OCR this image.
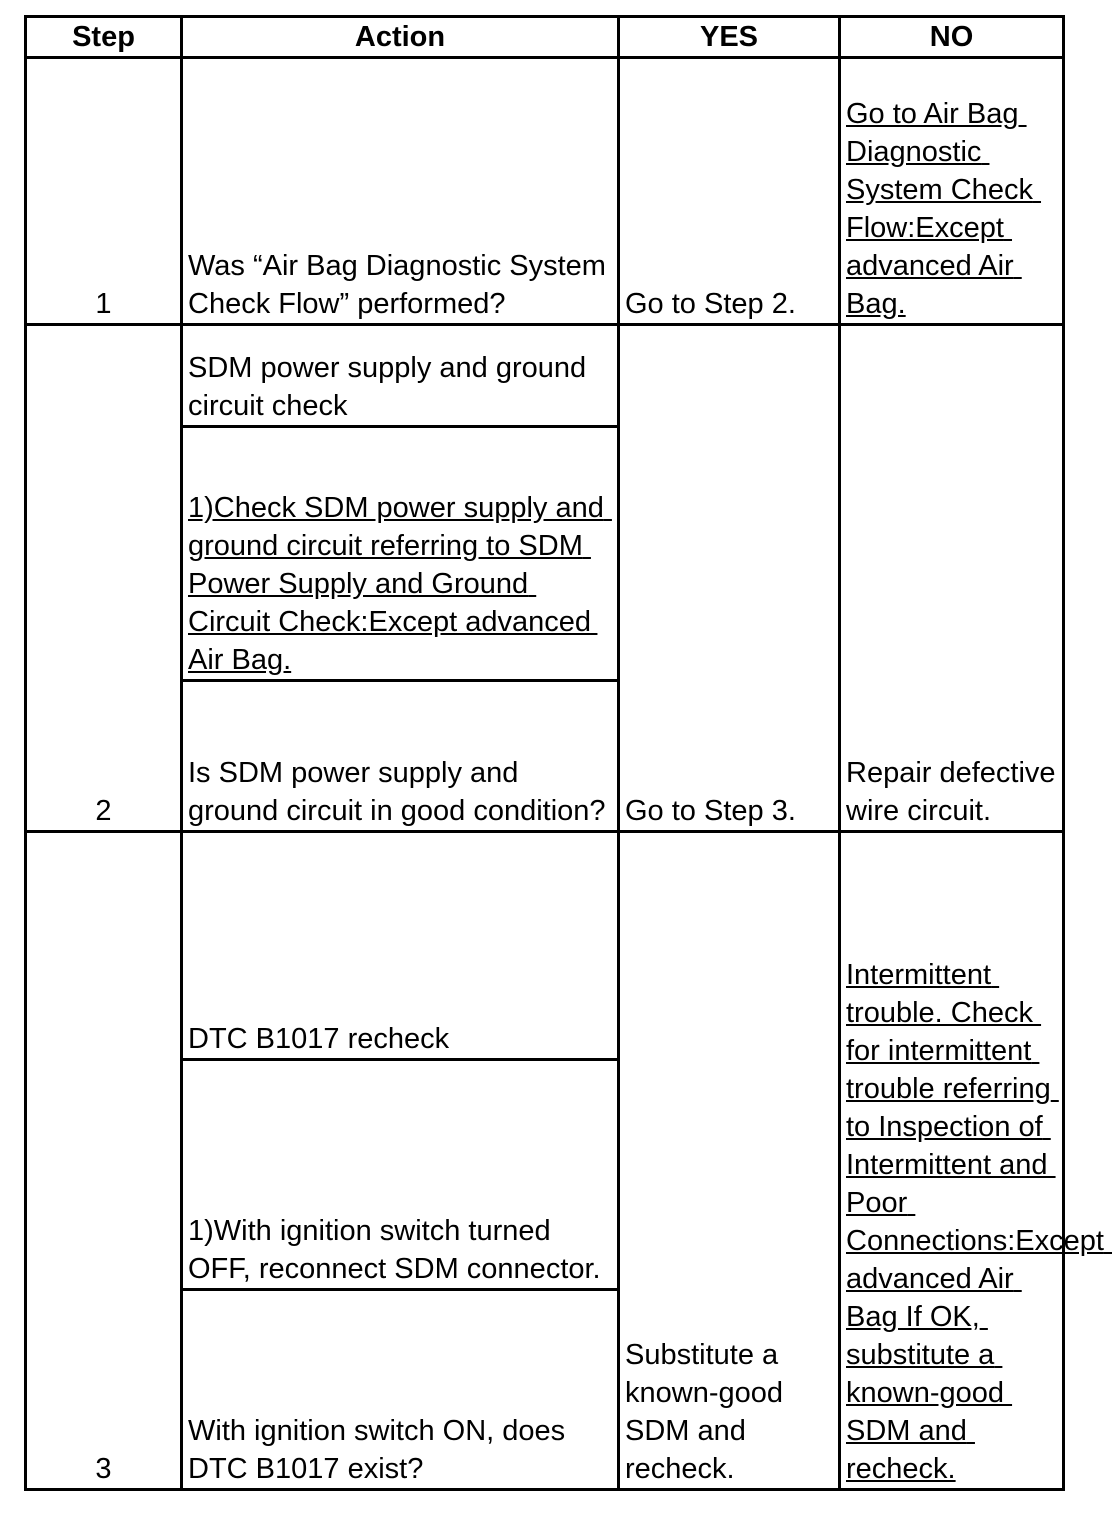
Step	Action	YES	NO
1	Was “Air Bag Diagnostic System Check Flow” performed?	Go to Step 2.	Go to Air Bag Diagnostic System Check Flow:Except advanced Air Bag.
2	SDM power supply and ground circuit check	Go to Step 3.	Repair defective wire circuit.
	1)Check SDM power supply and ground circuit referring to SDM Power Supply and Ground Circuit Check:Except advanced Air Bag.		
	Is SDM power supply and ground circuit in good condition?		
3	DTC B1017 recheck	Substitute a known-good SDM and recheck.	Intermittent trouble. Check for intermittent trouble referring to Inspection of Intermittent and Poor Connections:Except advanced Air Bag If OK, substitute a known-good SDM and recheck.
	1)With ignition switch turned OFF, reconnect SDM connector.		
	With ignition switch ON, does DTC B1017 exist?		
